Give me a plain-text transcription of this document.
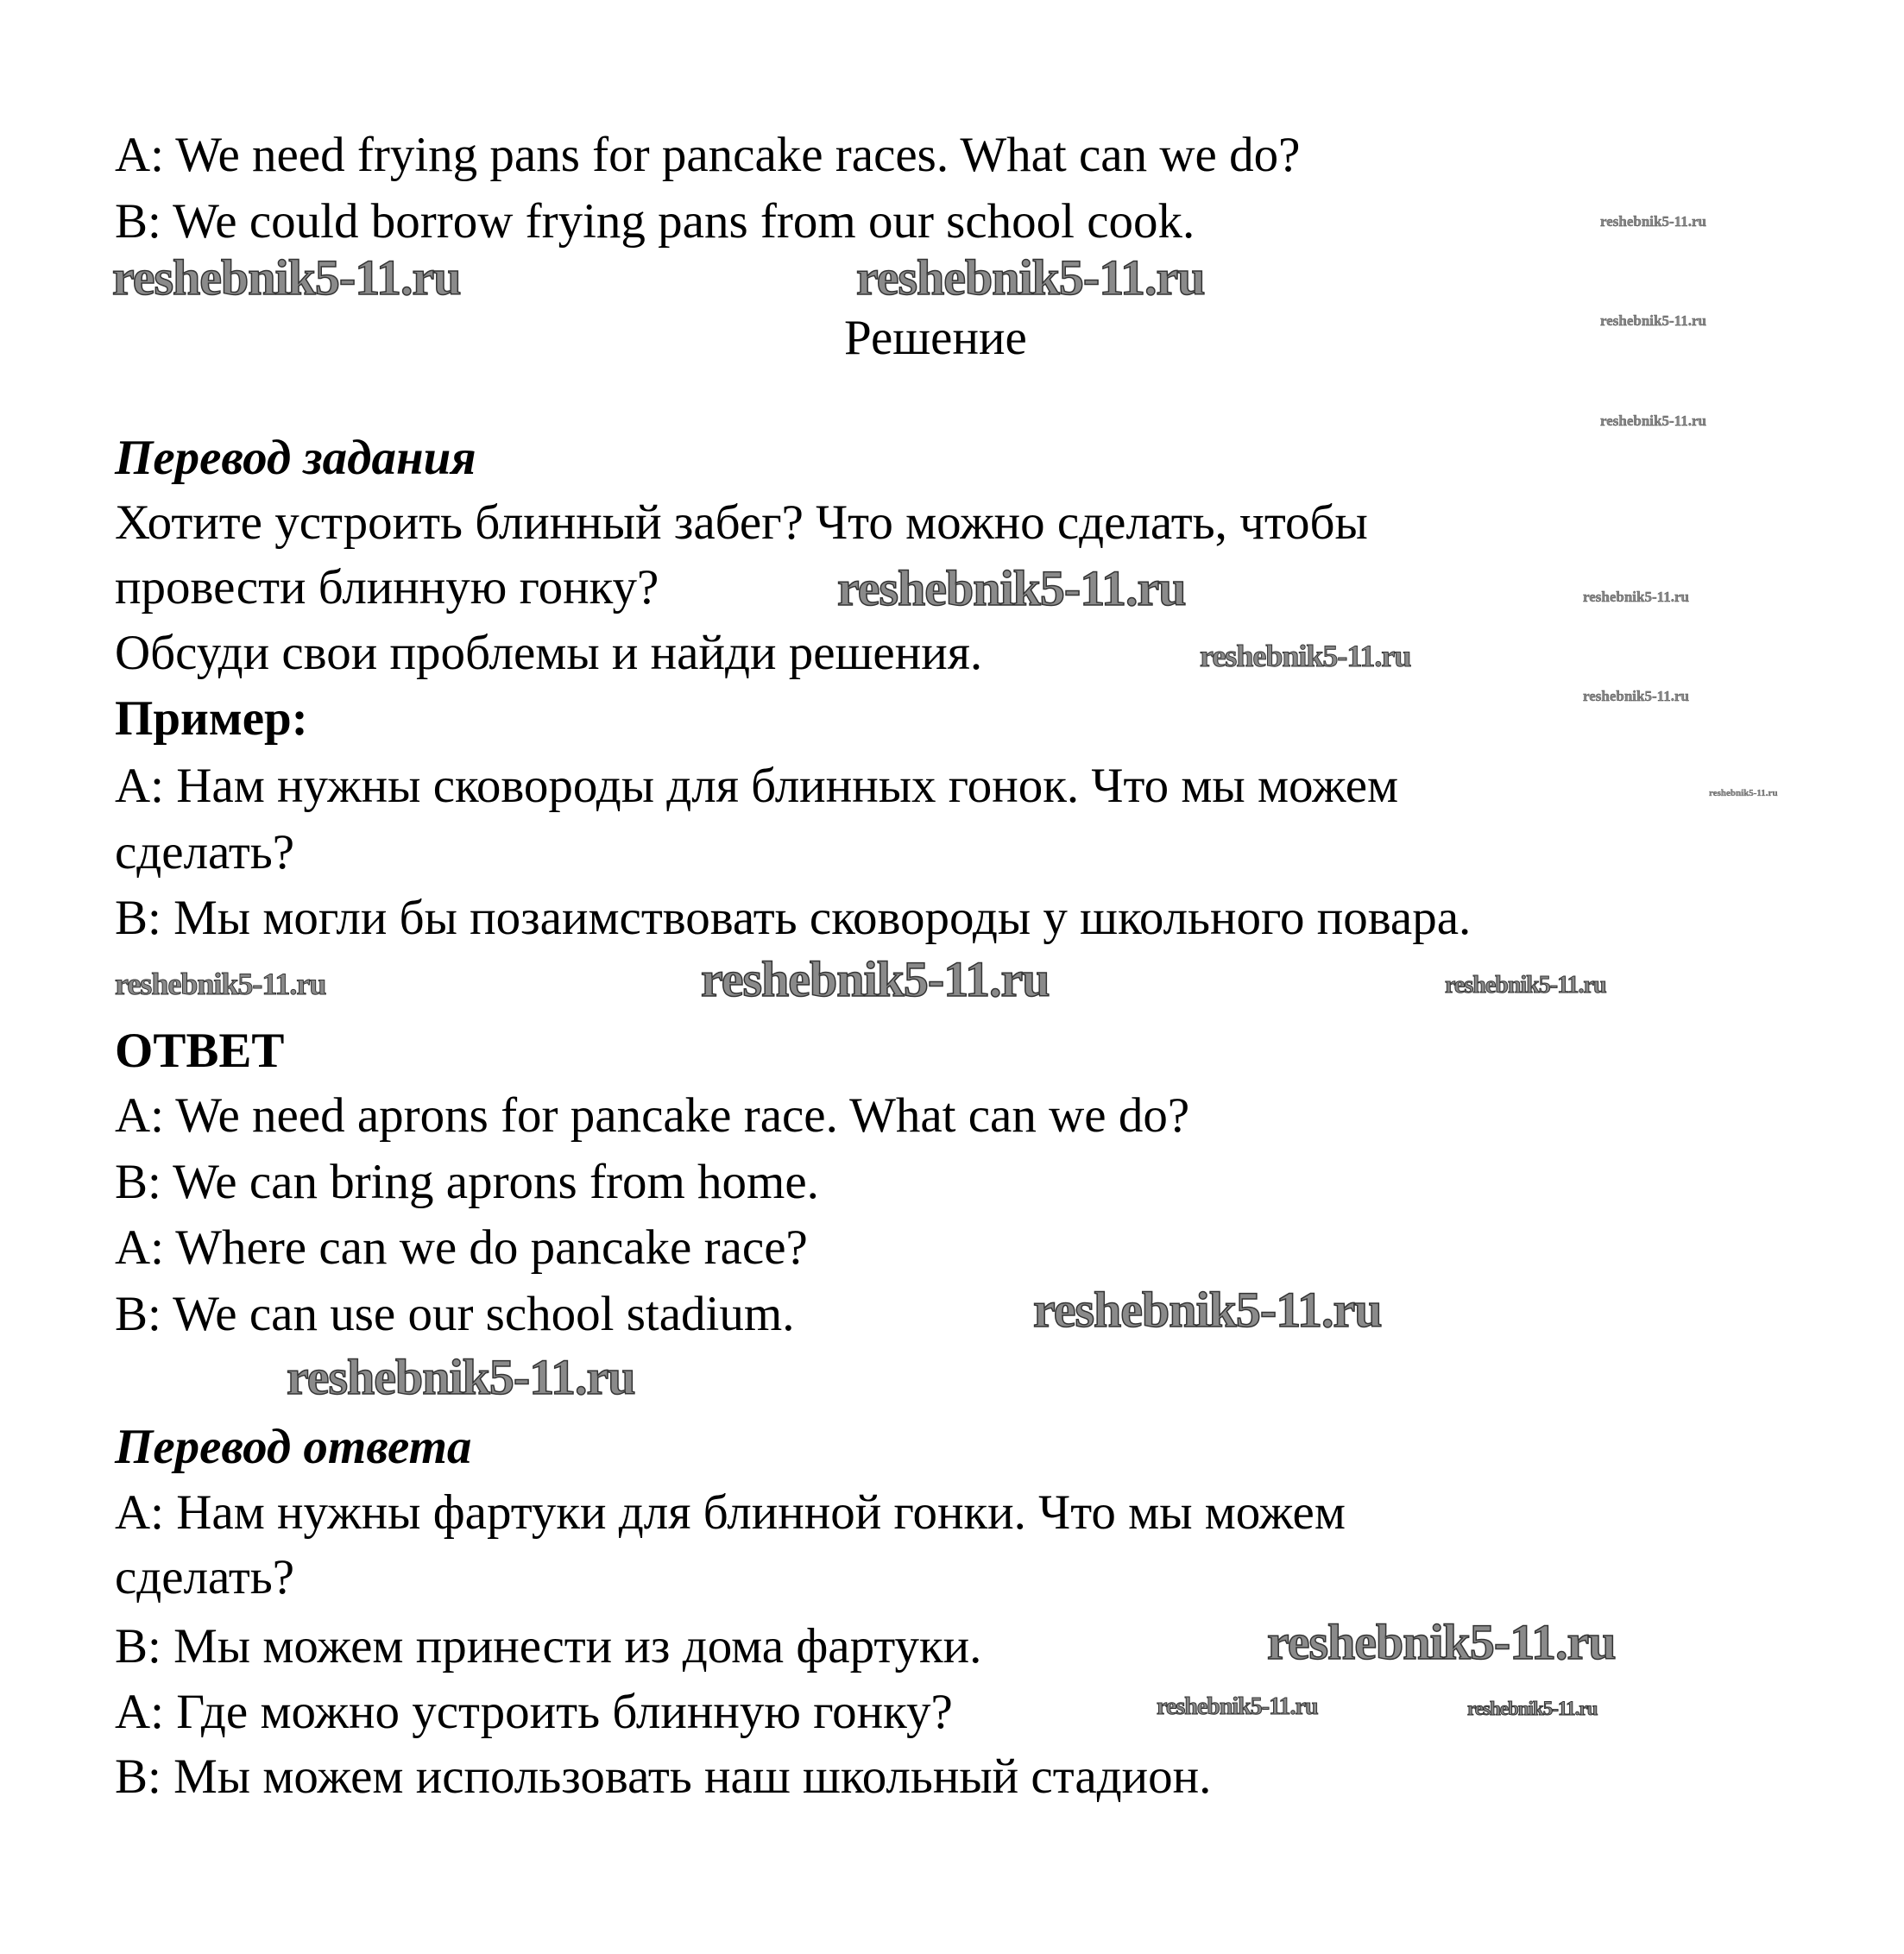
reshebnik5-11.ru	reshebnik5-11.ru
reshebnik5-11.ru
reshebnik5-11.ru
reshebnik5-11.ru
reshebnik5-11.ru
reshebnik5-11.ru
reshebnik5-11.ru
reshebnik5-11.ru
reshebnik5-11.ru
reshebnik5-11.ru	reshebnik5-11.ru
reshebnik5-11.ru
reshebnik5-11.ru
reshebnik5-11.ru
reshebnik5-11.ru
reshebnik5-11.ru
reshebnik5-11.ru
A: We need frying pans for pancake races. What can we do?
B: We could borrow frying pans from our school cook.
Решение
Перевод задания
Хотите устроить блинный забег? Что можно сделать, чтобы
провести блинную гонку?
Обсуди свои проблемы и найди решения.
Пример:
A: Нам нужны сковороды для блинных гонок. Что мы можем
сделать?
B: Мы могли бы позаимствовать сковороды у школьного повара.
ОТВЕТ
A: We need aprons for pancake race. What can we do?
B: We can bring aprons from home.
A: Where can we do pancake race?
B: We can use our school stadium.
Перевод ответа
A: Нам нужны фартуки для блинной гонки. Что мы можем
сделать?
B: Мы можем принести из дома фартуки.
A: Где можно устроить блинную гонку?
B: Мы можем использовать наш школьный стадион.
